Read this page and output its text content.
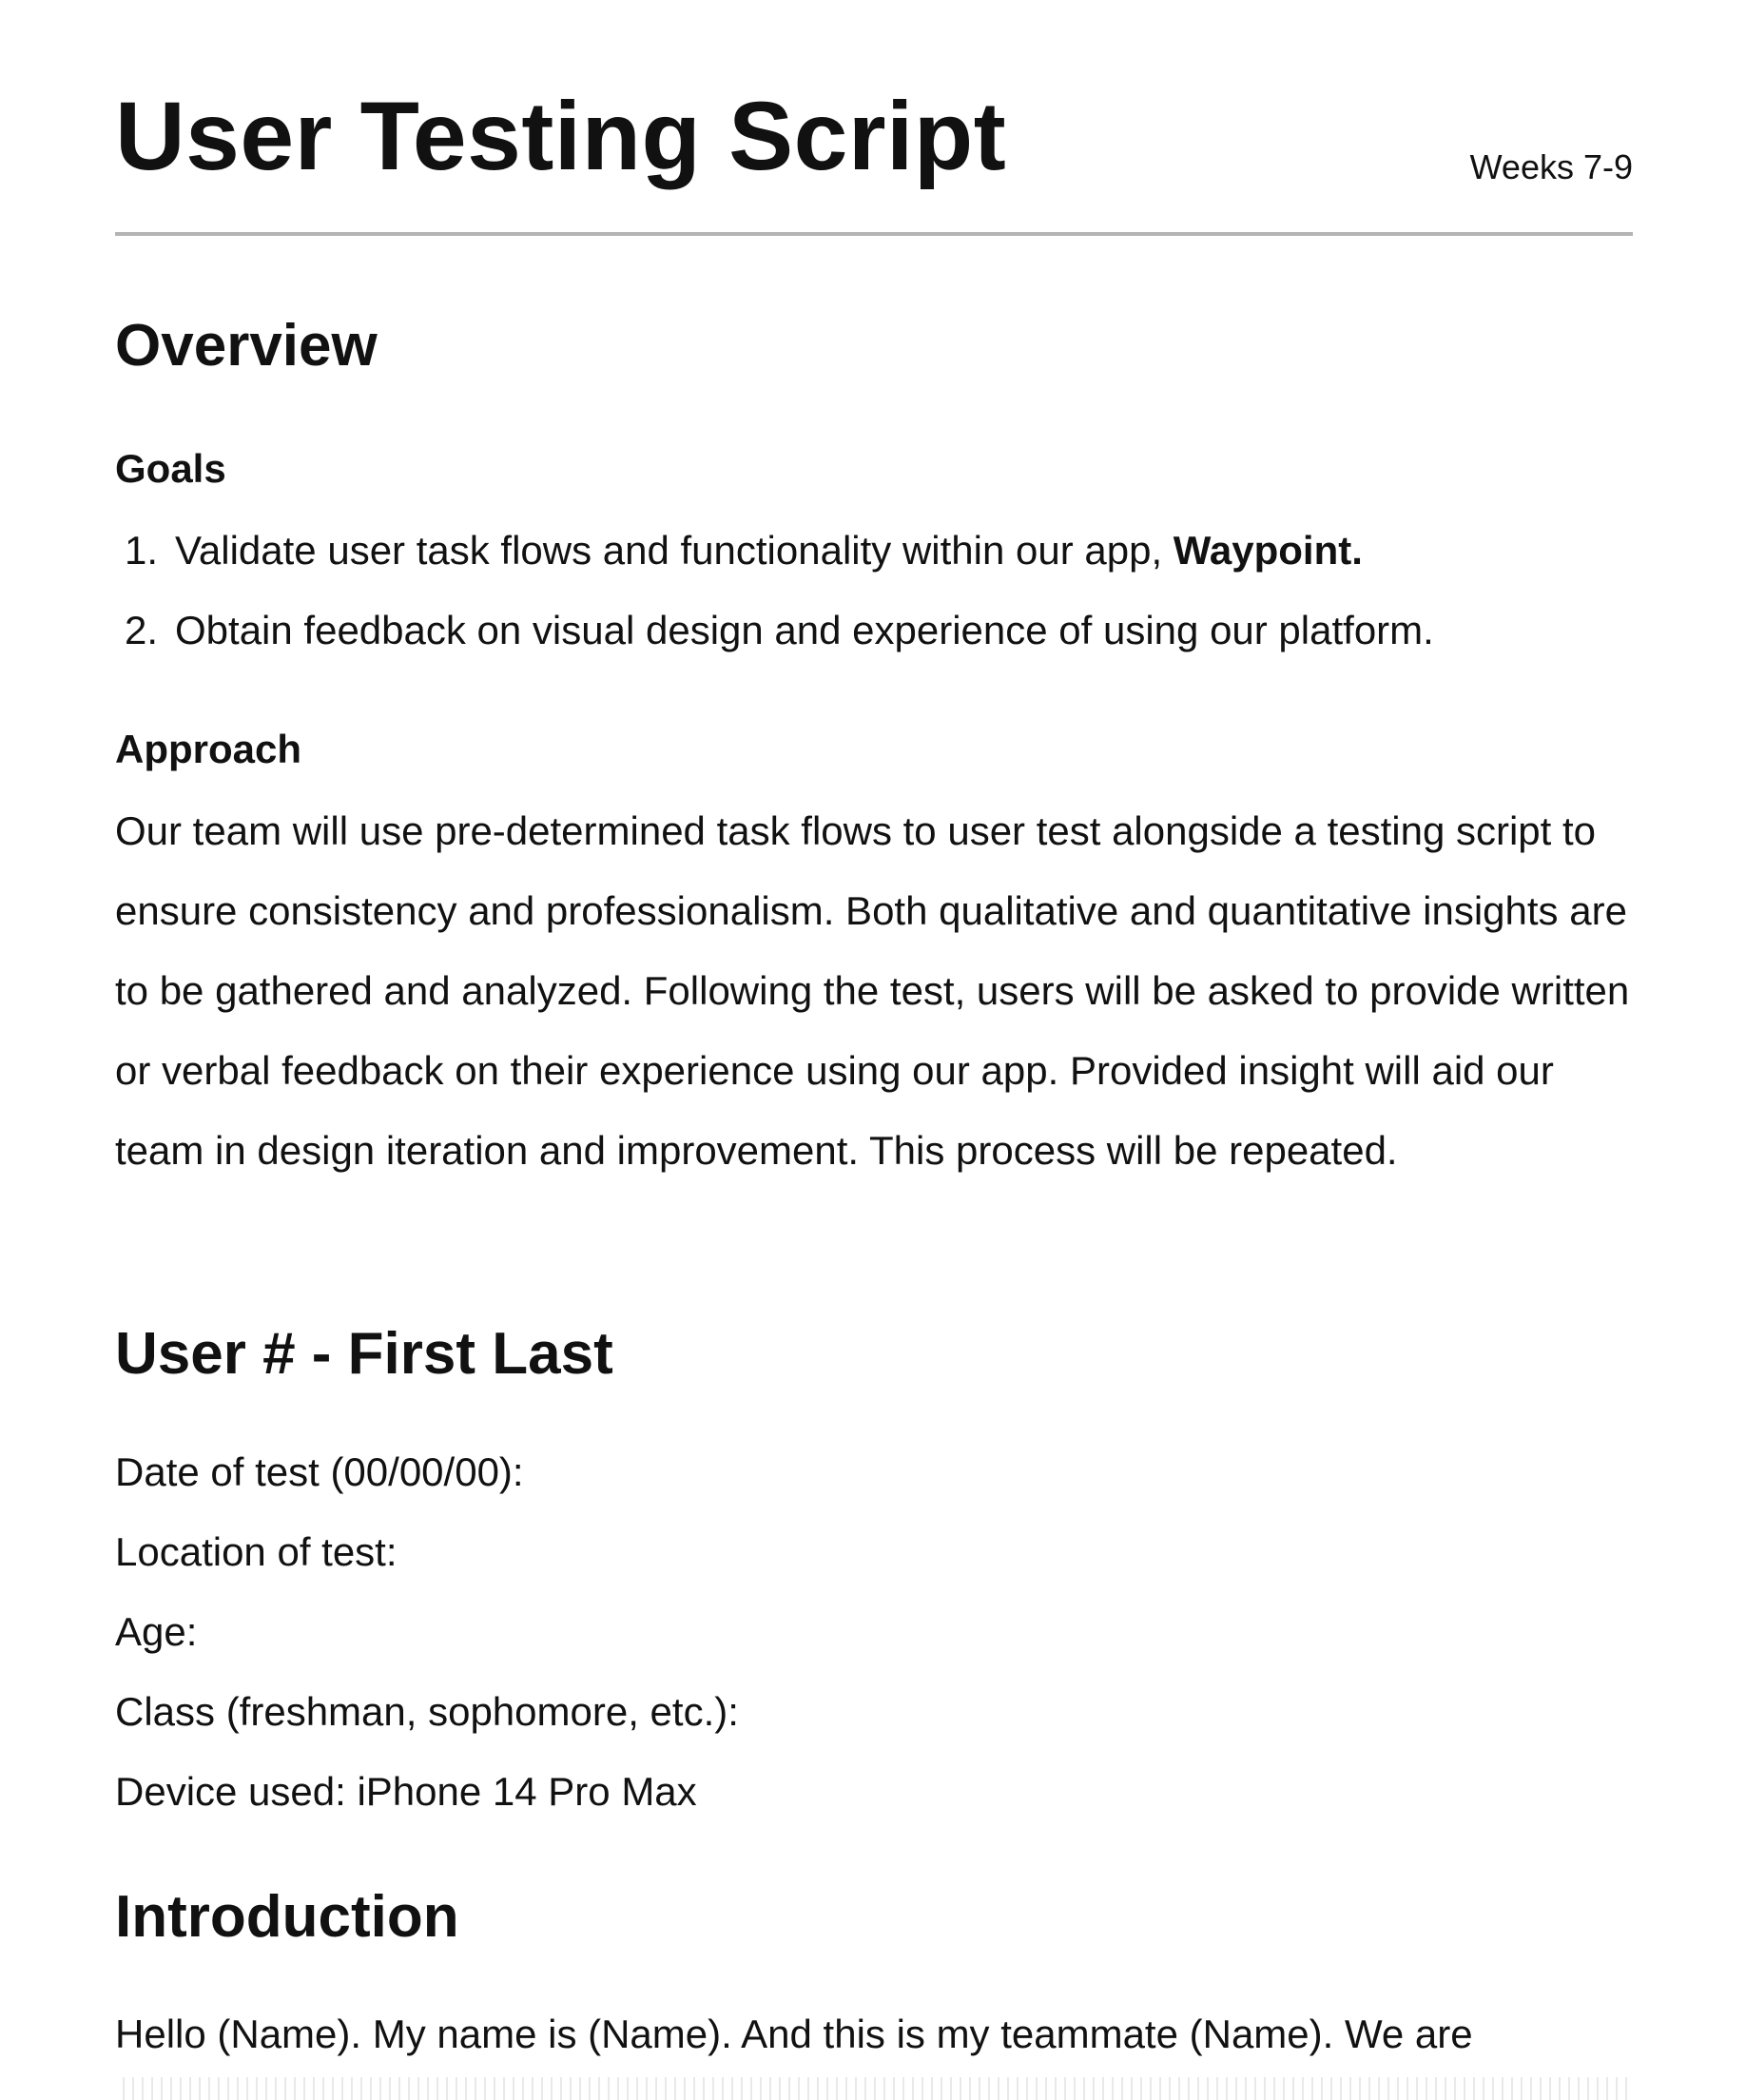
User Testing Script	Weeks 7-9
Overview
Goals
1. Validate user task flows and functionality within our app, Waypoint.
2. Obtain feedback on visual design and experience of using our platform.
Approach

Our team will use pre-determined task flows to user test alongside a testing script to ensure consistency and professionalism. Both qualitative and quantitative insights are to be gathered and analyzed. Following the test, users will be asked to provide written or verbal feedback on their experience using our app. Provided insight will aid our team in design iteration and improvement. This process will be repeated.

User # - First Last
Date of test (00/00/00):
Location of test:
Age:
Class (freshman, sophomore, etc.):
Device used: iPhone 14 Pro Max
Introduction

Hello (Name). My name is (Name). And this is my teammate (Name). We are
